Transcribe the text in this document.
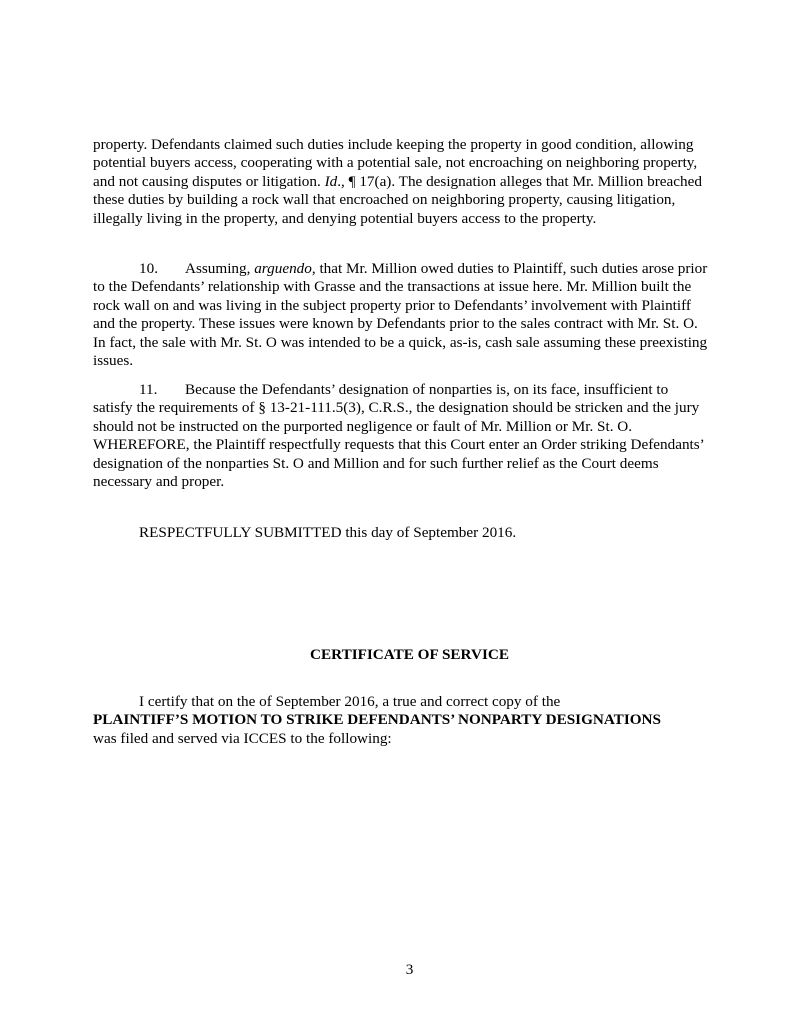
property. Defendants claimed such duties include keeping the property in good condition, allowing potential buyers access, cooperating with a potential sale, not encroaching on neighboring property, and not causing disputes or litigation. Id., ¶ 17(a). The designation alleges that Mr. Million breached these duties by building a rock wall that encroached on neighboring property, causing litigation, illegally living in the property, and denying potential buyers access to the property.

10. Assuming, arguendo, that Mr. Million owed duties to Plaintiff, such duties arose prior to the Defendants’ relationship with Grasse and the transactions at issue here. Mr. Million built the rock wall on and was living in the subject property prior to Defendants’ involvement with Plaintiff and the property. These issues were known by Defendants prior to the sales contract with Mr. St. O. In fact, the sale with Mr. St. O was intended to be a quick, as-is, cash sale assuming these preexisting issues.

11. Because the Defendants’ designation of nonparties is, on its face, insufficient to satisfy the requirements of § 13-21-111.5(3), C.R.S., the designation should be stricken and the jury should not be instructed on the purported negligence or fault of Mr. Million or Mr. St. O. WHEREFORE, the Plaintiff respectfully requests that this Court enter an Order striking Defendants’ designation of the nonparties St. O and Million and for such further relief as the Court deems necessary and proper.

RESPECTFULLY SUBMITTED this day of September 2016.
CERTIFICATE OF SERVICE
I certify that on the of September 2016, a true and correct copy of the
PLAINTIFF’S MOTION TO STRIKE DEFENDANTS’ NONPARTY DESIGNATIONS
was filed and served via ICCES to the following:
3
